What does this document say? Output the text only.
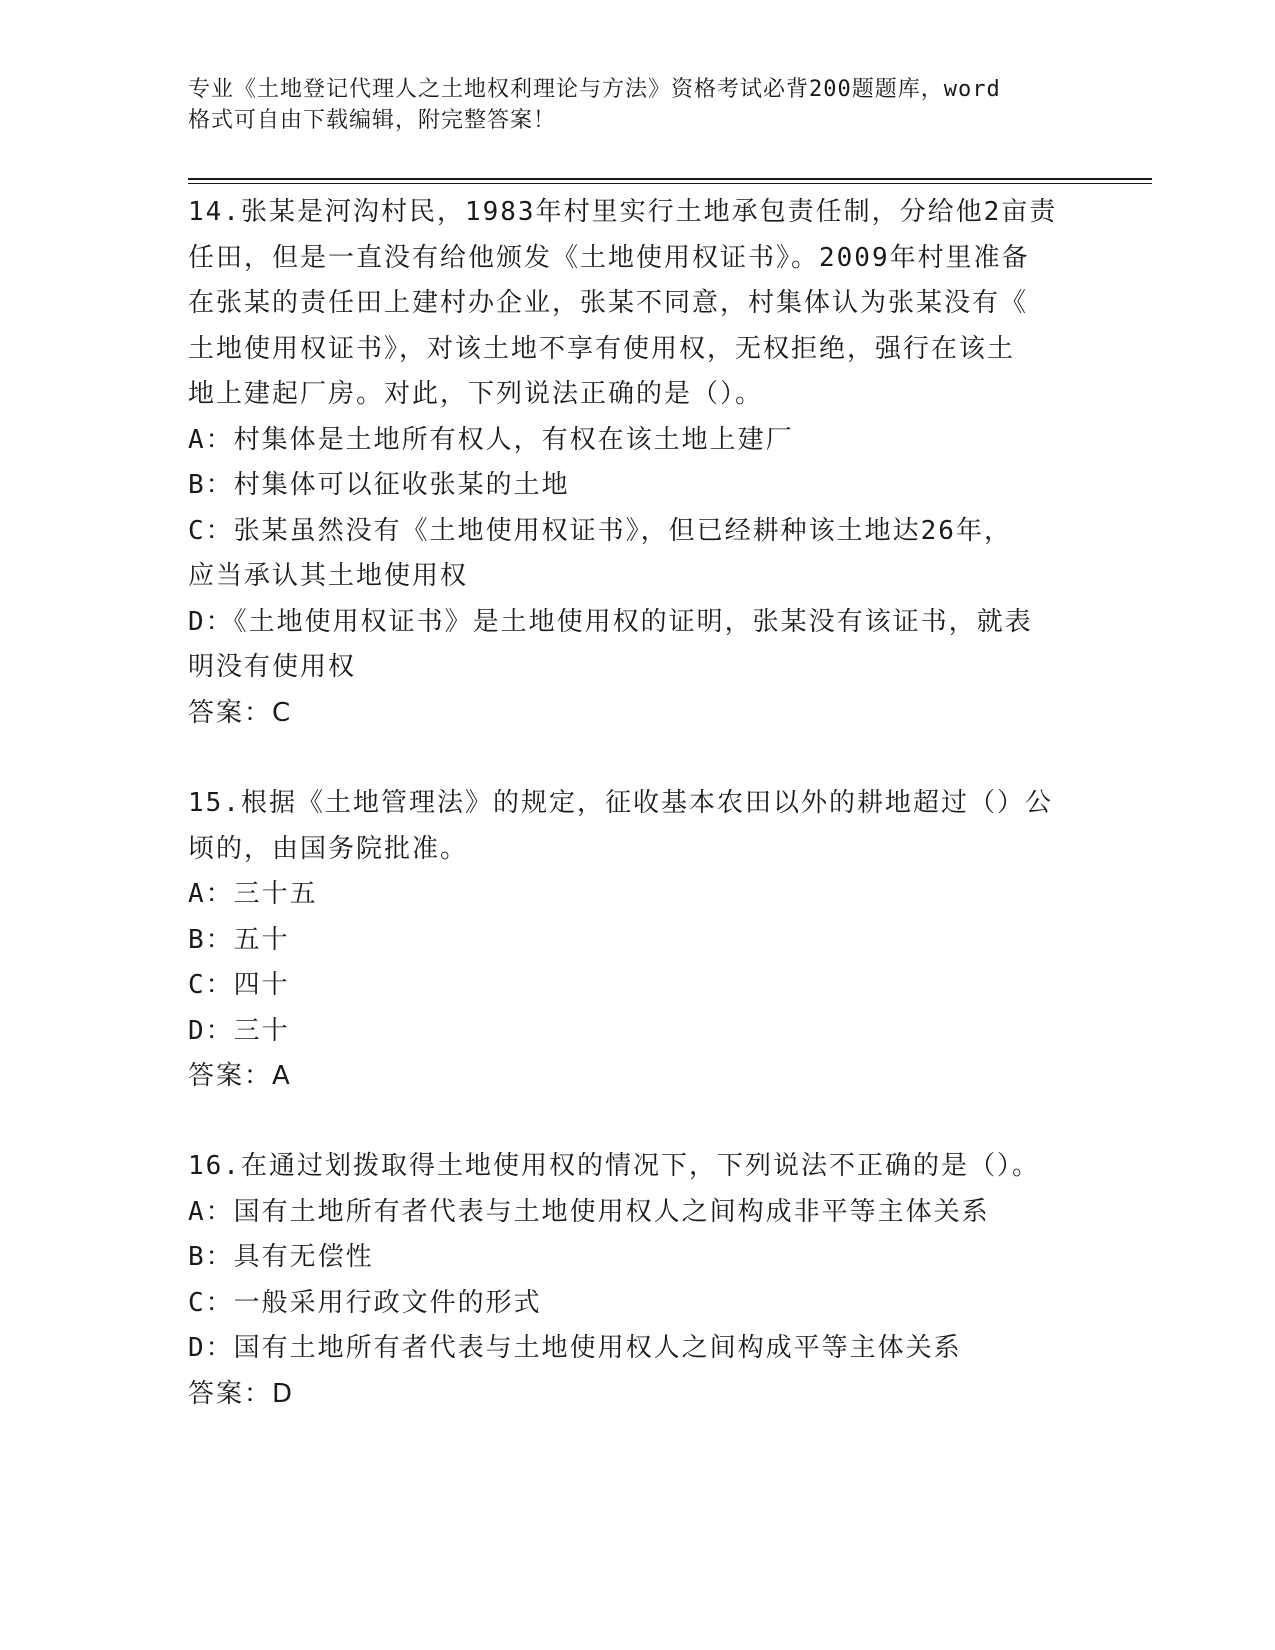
专业《土地登记代理人之土地权利理论与方法》资格考试必背200题题库，word

格式可自由下载编辑，附完整答案！

14.张某是河沟村民，1983年村里实行土地承包责任制，分给他2亩责

任田，但是一直没有给他颁发《土地使用权证书》。2009年村里准备

在张某的责任田上建村办企业，张某不同意，村集体认为张某没有《

土地使用权证书》，对该土地不享有使用权，无权拒绝，强行在该土

地上建起厂房。对此，下列说法正确的是（）。

A：村集体是土地所有权人，有权在该土地上建厂

B：村集体可以征收张某的土地

C：张某虽然没有《土地使用权证书》，但已经耕种该土地达26年，

应当承认其土地使用权

D：《土地使用权证书》是土地使用权的证明，张某没有该证书，就表

明没有使用权

答案：C

15.根据《土地管理法》的规定，征收基本农田以外的耕地超过（）公

顷的，由国务院批准。

A：三十五

B：五十

C：四十

D：三十

答案：A

16.在通过划拨取得土地使用权的情况下，下列说法不正确的是（）。

A：国有土地所有者代表与土地使用权人之间构成非平等主体关系

B：具有无偿性

C：一般采用行政文件的形式

D：国有土地所有者代表与土地使用权人之间构成平等主体关系

答案：D
